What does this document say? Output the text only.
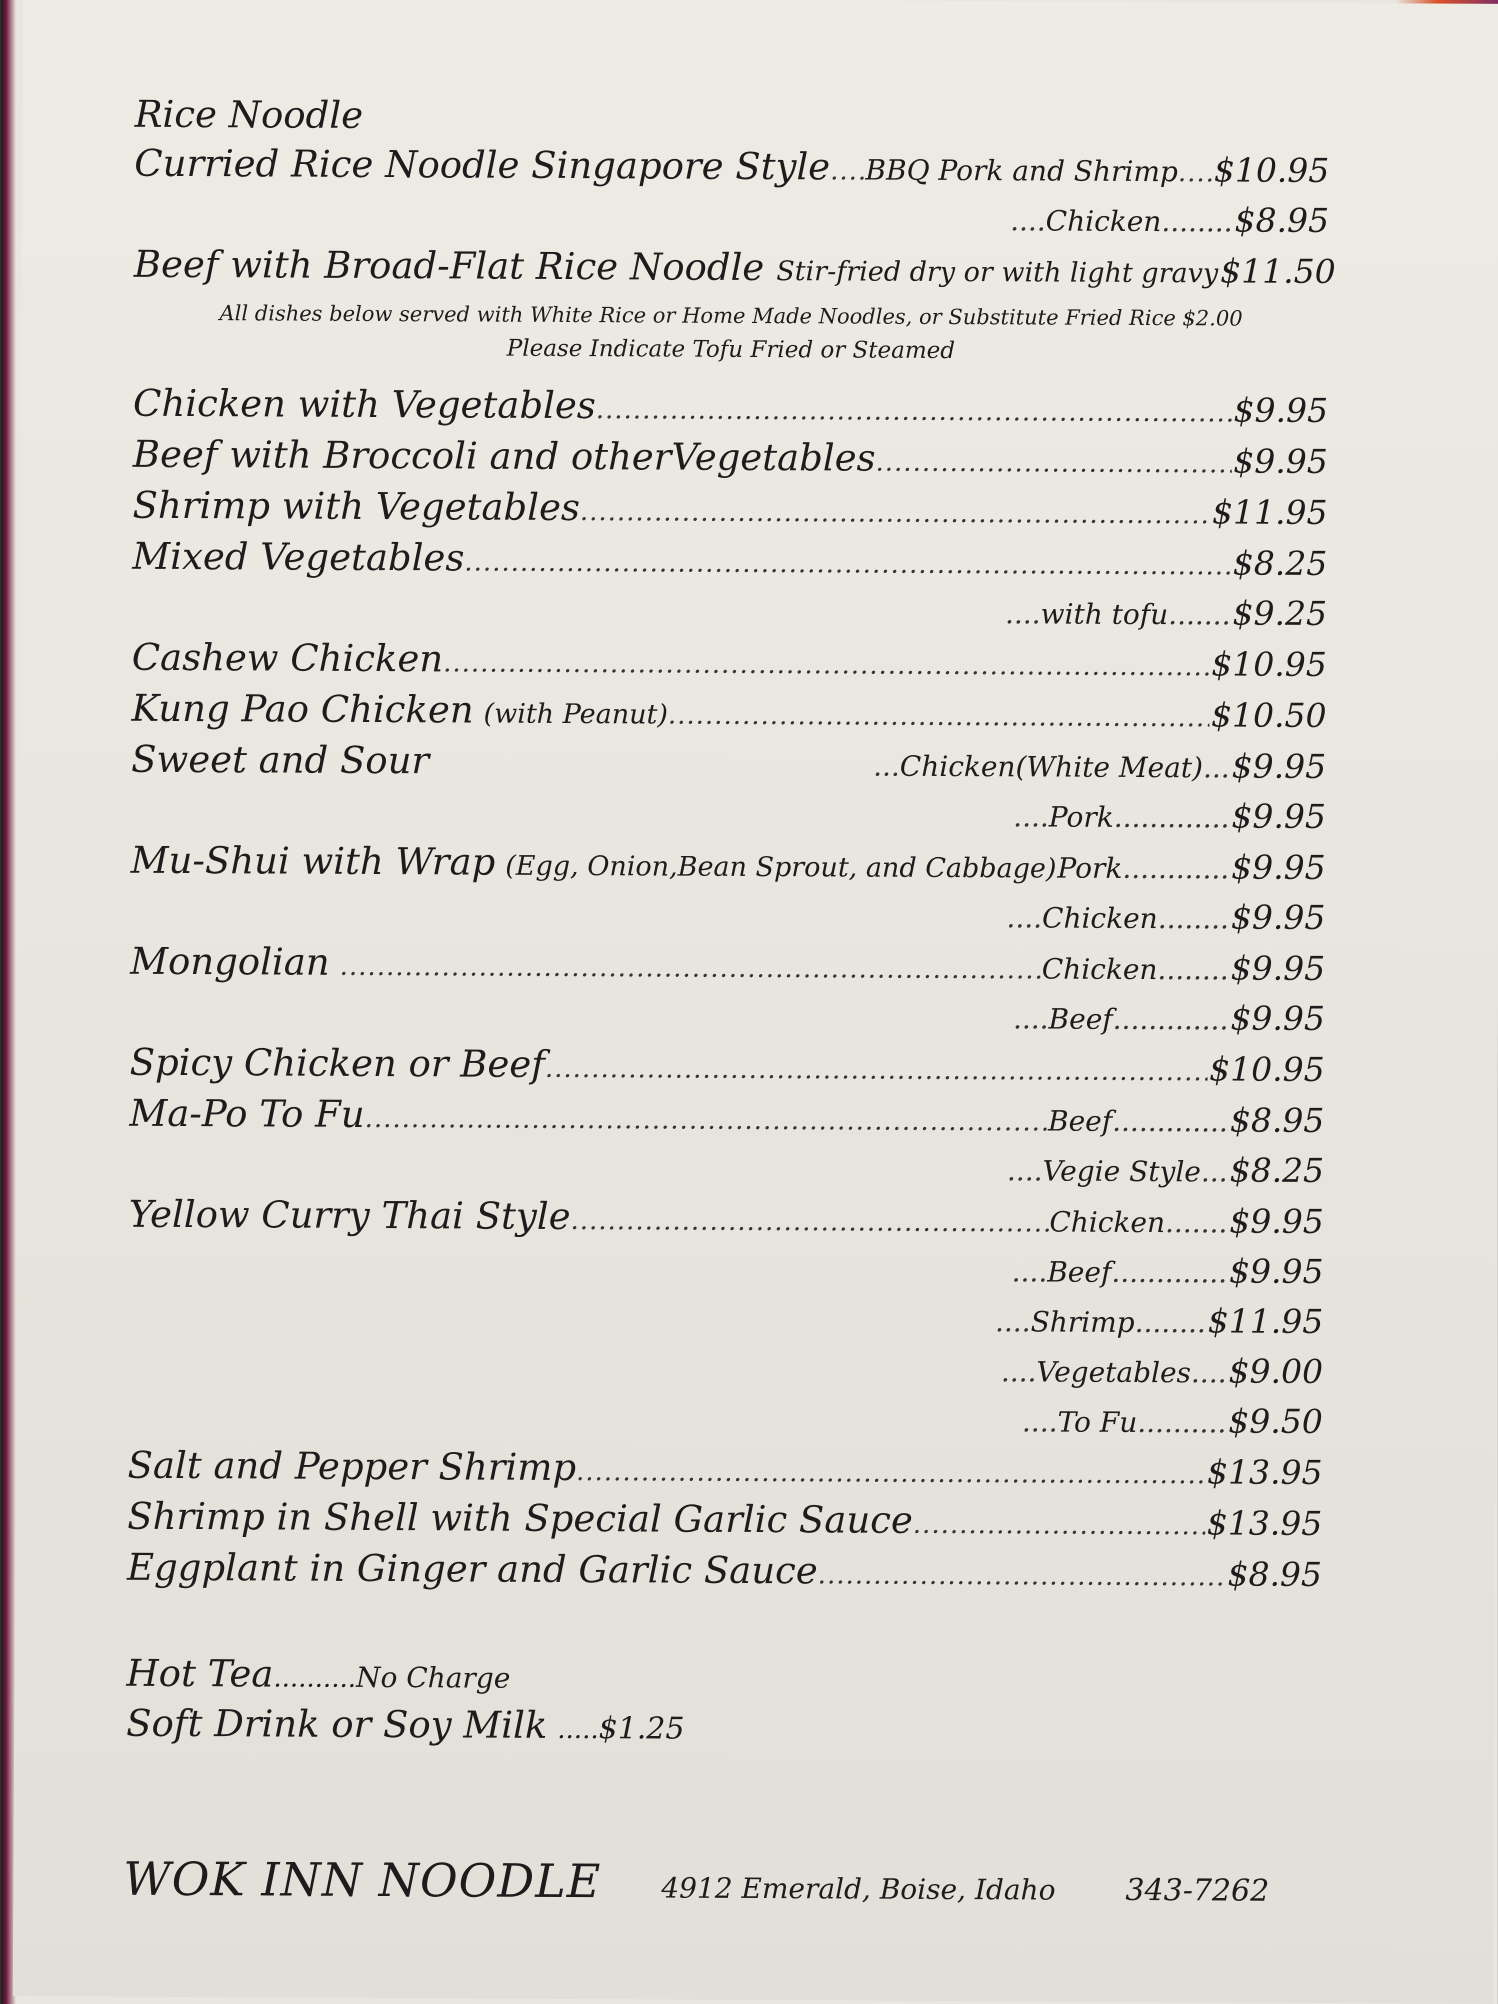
Rice Noodle
Curried Rice Noodle Singapore Style ..... BBQ Pork and Shrimp ..... $10.95
.... Chicken ........ $8.95
Beef with Broad-Flat Rice Noodle Stir-fried dry or with light gravy ..... $11.50
All dishes below served with White Rice or Home Made Noodles, or Substitute Fried Rice $2.00
Please Indicate Tofu Fried or Steamed
Chicken with Vegetables .....	$9.95
Beef with Broccoli and otherVegetables .....	$9.95
Shrimp with Vegetables .....	$11.95
Mixed Vegetables .....	$8.25
.... with tofu ....... $9.25
Cashew Chicken .....	$10.95
Kung Pao Chicken (with Peanut) .....	$10.50
Sweet and Sour	... Chicken(White Meat) ... $9.95
.... Pork ............. $9.95
Mu-Shui with Wrap (Egg, Onion,Bean Sprout, and Cabbage) ..... Pork ............ $9.95
.... Chicken ........ $9.95
Mongolian .....	Chicken ........ $9.95
.... Beef ............. $9.95
Spicy Chicken or Beef .....	$10.95
Ma-Po To Fu .....	Beef ............. $8.95
.... Vegie Style ... $8.25
Yellow Curry Thai Style .....	Chicken ....... $9.95
.... Beef ............. $9.95
.... Shrimp ........ $11.95
.... Vegetables .... $9.00
.... To Fu .......... $9.50
Salt and Pepper Shrimp .....	$13.95
Shrimp in Shell with Special Garlic Sauce .....	$13.95
Eggplant in Ginger and Garlic Sauce .....	$8.95
Hot Tea .......... No Charge
Soft Drink or Soy Milk ..... $1.25
WOK INN NOODLE 4912 Emerald, Boise, Idaho 343-7262
